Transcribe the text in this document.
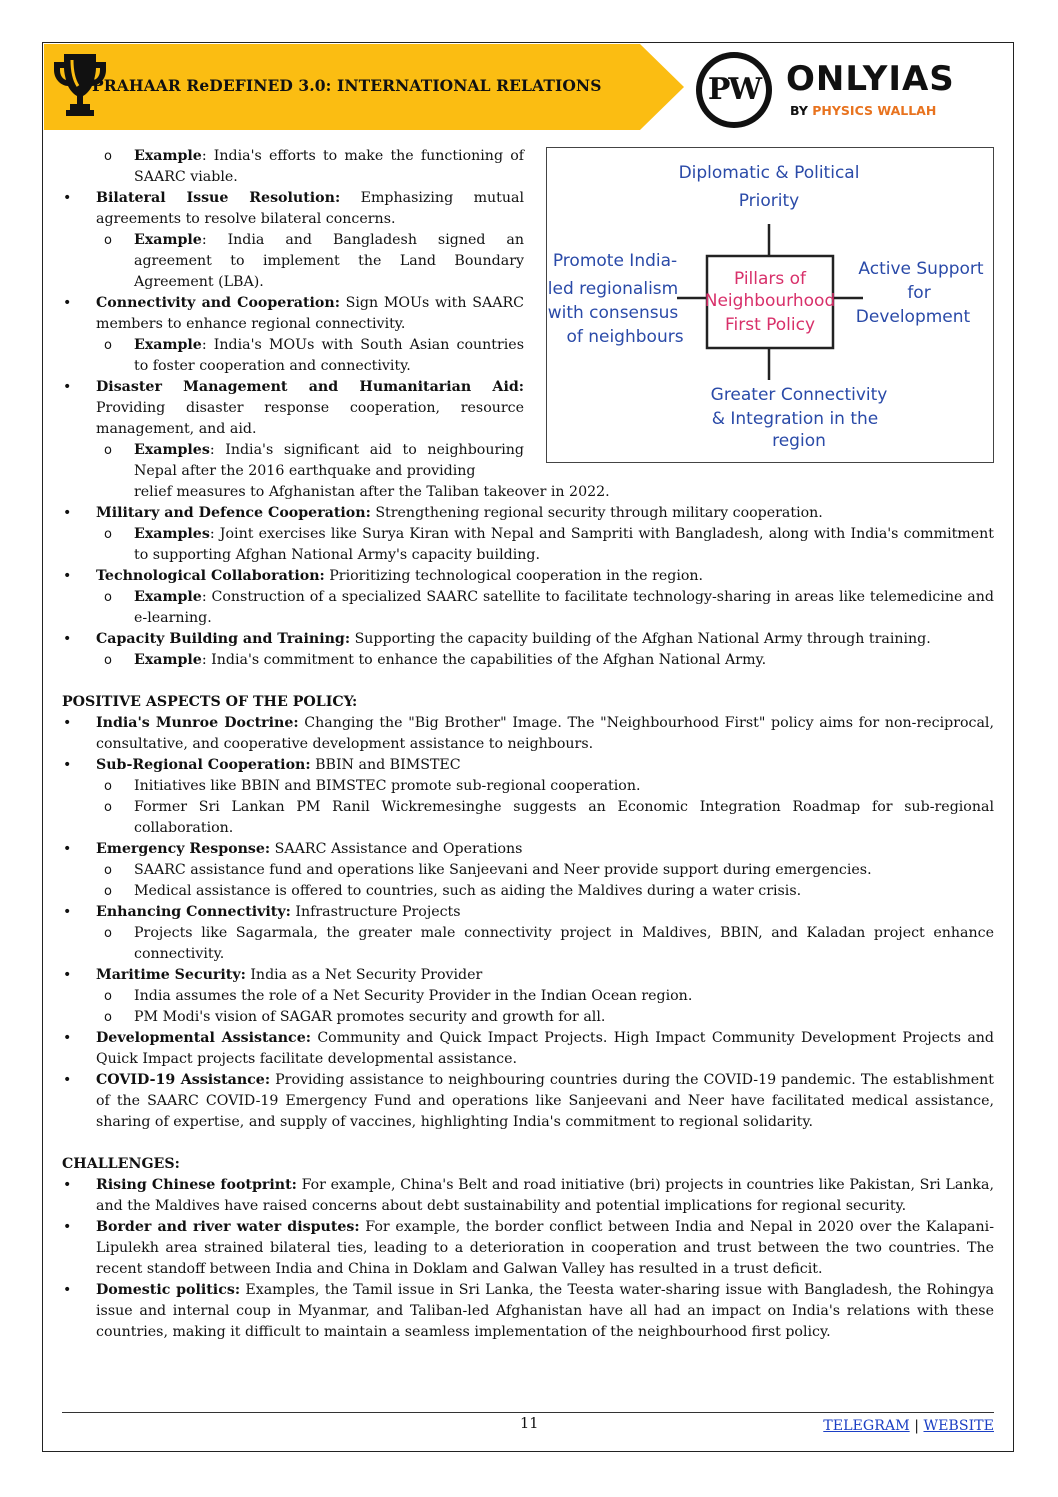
PRAHAAR ReDEFINED 3.0: INTERNATIONAL RELATIONS	PW ONLYIAS
BY PHYSICS WALLAH
Pillars of
Neighbourhood
First Policy
Diplomatic & Political
Priority
Promote India-
led regionalism
with consensus
of neighbours
Active Support
for
Development
Greater Connectivity
& Integration in the
region
o Example: India's efforts to make the functioning of SAARC viable.
• Bilateral Issue Resolution: Emphasizing mutual agreements to resolve bilateral concerns.
o Example: India and Bangladesh signed an agreement to implement the Land Boundary Agreement (LBA).
• Connectivity and Cooperation: Sign MOUs with SAARC members to enhance regional connectivity.
o Example: India's MOUs with South Asian countries to foster cooperation and connectivity.
• Disaster Management and Humanitarian Aid: Providing disaster response cooperation, resource management, and aid.
o Examples: India's significant aid to neighbouring Nepal after the 2016 earthquake and providing
relief measures to Afghanistan after the Taliban takeover in 2022.
• Military and Defence Cooperation: Strengthening regional security through military cooperation.
o Examples: Joint exercises like Surya Kiran with Nepal and Sampriti with Bangladesh, along with India's commitment to supporting Afghan National Army's capacity building.
• Technological Collaboration: Prioritizing technological cooperation in the region.
o Example: Construction of a specialized SAARC satellite to facilitate technology-sharing in areas like telemedicine and e-learning.
• Capacity Building and Training: Supporting the capacity building of the Afghan National Army through training.
o Example: India's commitment to enhance the capabilities of the Afghan National Army.
POSITIVE ASPECTS OF THE POLICY:
• India's Munroe Doctrine: Changing the "Big Brother" Image. The "Neighbourhood First" policy aims for non-reciprocal, consultative, and cooperative development assistance to neighbours.
• Sub-Regional Cooperation: BBIN and BIMSTEC
o Initiatives like BBIN and BIMSTEC promote sub-regional cooperation.
o Former Sri Lankan PM Ranil Wickremesinghe suggests an Economic Integration Roadmap for sub-regional collaboration.
• Emergency Response: SAARC Assistance and Operations
o SAARC assistance fund and operations like Sanjeevani and Neer provide support during emergencies.
o Medical assistance is offered to countries, such as aiding the Maldives during a water crisis.
• Enhancing Connectivity: Infrastructure Projects
o Projects like Sagarmala, the greater male connectivity project in Maldives, BBIN, and Kaladan project enhance connectivity.
• Maritime Security: India as a Net Security Provider
o India assumes the role of a Net Security Provider in the Indian Ocean region.
o PM Modi's vision of SAGAR promotes security and growth for all.
• Developmental Assistance: Community and Quick Impact Projects. High Impact Community Development Projects and Quick Impact projects facilitate developmental assistance.
• COVID-19 Assistance: Providing assistance to neighbouring countries during the COVID-19 pandemic. The establishment of the SAARC COVID-19 Emergency Fund and operations like Sanjeevani and Neer have facilitated medical assistance, sharing of expertise, and supply of vaccines, highlighting India's commitment to regional solidarity.
CHALLENGES:
• Rising Chinese footprint: For example, China's Belt and road initiative (bri) projects in countries like Pakistan, Sri Lanka, and the Maldives have raised concerns about debt sustainability and potential implications for regional security.
• Border and river water disputes: For example, the border conflict between India and Nepal in 2020 over the Kalapani-Lipulekh area strained bilateral ties, leading to a deterioration in cooperation and trust between the two countries. The recent standoff between India and China in Doklam and Galwan Valley has resulted in a trust deficit.
• Domestic politics: Examples, the Tamil issue in Sri Lanka, the Teesta water-sharing issue with Bangladesh, the Rohingya issue and internal coup in Myanmar, and Taliban-led Afghanistan have all had an impact on India's relations with these countries, making it difficult to maintain a seamless implementation of the neighbourhood first policy.
11	TELEGRAM | WEBSITE
